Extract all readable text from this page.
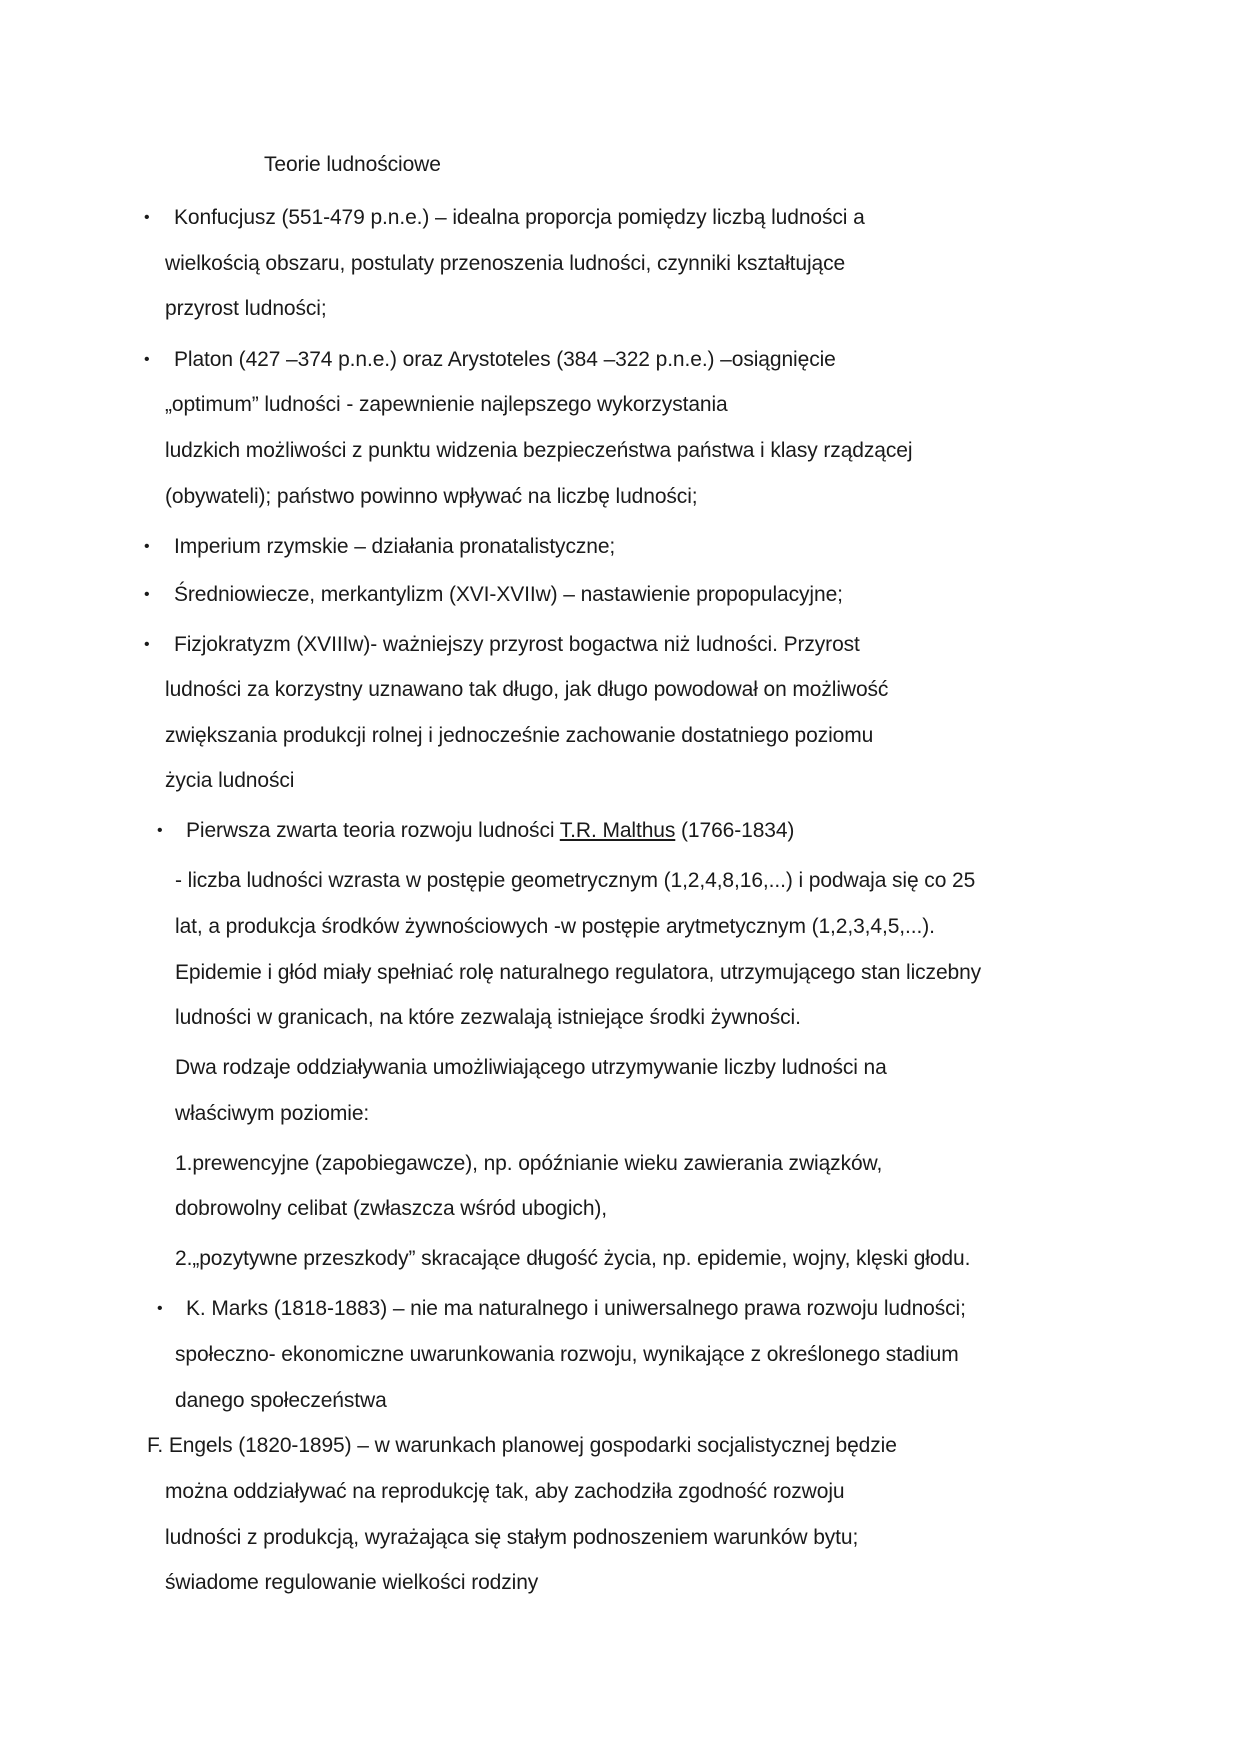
Teorie ludnościowe
• Konfucjusz (551-479 p.n.e.) – idealna proporcja pomiędzy liczbą ludności a
wielkością obszaru, postulaty przenoszenia ludności, czynniki kształtujące
przyrost ludności;
• Platon (427 –374 p.n.e.) oraz Arystoteles (384 –322 p.n.e.) –osiągnięcie
„optimum” ludności - zapewnienie najlepszego wykorzystania
ludzkich możliwości z punktu widzenia bezpieczeństwa państwa i klasy rządzącej
(obywateli); państwo powinno wpływać na liczbę ludności;
• Imperium rzymskie – działania pronatalistyczne;
• Średniowiecze, merkantylizm (XVI-XVIIw) – nastawienie propopulacyjne;
• Fizjokratyzm (XVIIIw)- ważniejszy przyrost bogactwa niż ludności. Przyrost
ludności za korzystny uznawano tak długo, jak długo powodował on możliwość
zwiększania produkcji rolnej i jednocześnie zachowanie dostatniego poziomu
życia ludności
• Pierwsza zwarta teoria rozwoju ludności T.R. Malthus (1766-1834)
- liczba ludności wzrasta w postępie geometrycznym (1,2,4,8,16,...) i podwaja się co 25
lat, a produkcja środków żywnościowych -w postępie arytmetycznym (1,2,3,4,5,...).
Epidemie i głód miały spełniać rolę naturalnego regulatora, utrzymującego stan liczebny
ludności w granicach, na które zezwalają istniejące środki żywności.
Dwa rodzaje oddziaływania umożliwiającego utrzymywanie liczby ludności na
właściwym poziomie:
1.prewencyjne (zapobiegawcze), np. opóźnianie wieku zawierania związków,
dobrowolny celibat (zwłaszcza wśród ubogich),
2.„pozytywne przeszkody” skracające długość życia, np. epidemie, wojny, klęski głodu.
• K. Marks (1818-1883) – nie ma naturalnego i uniwersalnego prawa rozwoju ludności;
społeczno- ekonomiczne uwarunkowania rozwoju, wynikające z określonego stadium
danego społeczeństwa
F. Engels (1820-1895) – w warunkach planowej gospodarki socjalistycznej będzie
można oddziaływać na reprodukcję tak, aby zachodziła zgodność rozwoju
ludności z produkcją, wyrażająca się stałym podnoszeniem warunków bytu;
świadome regulowanie wielkości rodziny
